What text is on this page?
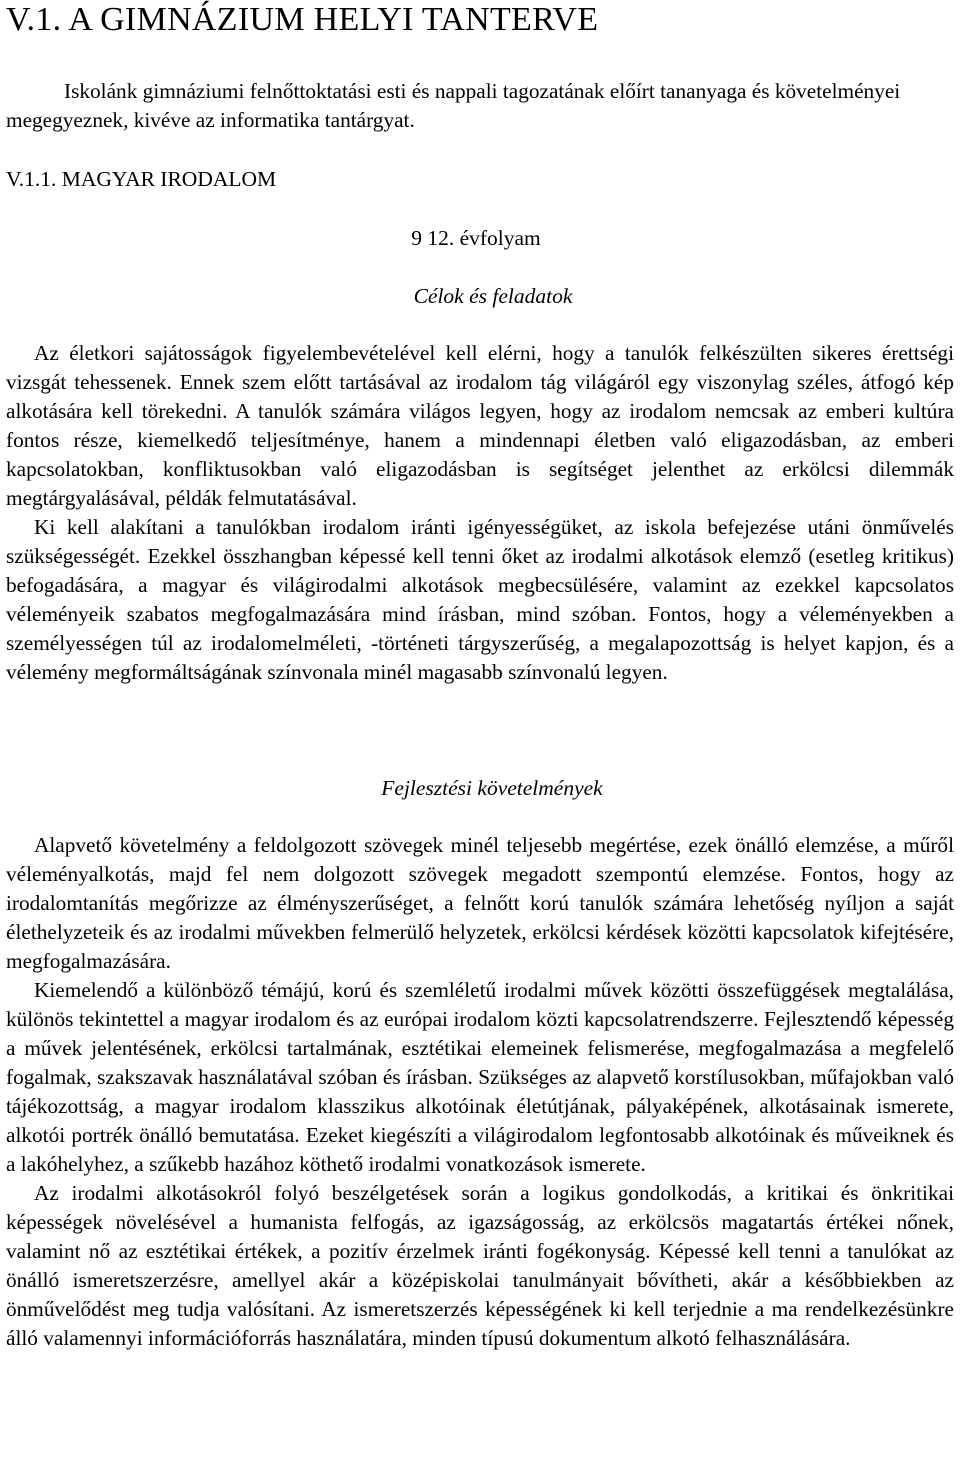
V.1. A GIMNÁZIUM HELYI TANTERVE

Iskolánk gimnáziumi felnőttoktatási esti és nappali tagozatának előírt tananyaga és követelményei megegyeznek, kivéve az informatika tantárgyat.

V.1.1. MAGYAR IRODALOM

9 12. évfolyam

Célok és feladatok

Az életkori sajátosságok figyelembevételével kell elérni, hogy a tanulók felkészülten sikeres érettségi vizsgát tehessenek. Ennek szem előtt tartásával az irodalom tág világáról egy viszonylag széles, átfogó kép alkotására kell törekedni. A tanulók számára világos legyen, hogy az irodalom nemcsak az emberi kultúra fontos része, kiemelkedő teljesítménye, hanem a mindennapi életben való eligazodásban, az emberi kapcsolatokban, konfliktusokban való eligazodásban is segítséget jelenthet az erkölcsi dilemmák megtárgyalásával, példák felmutatásával.

Ki kell alakítani a tanulókban irodalom iránti igényességüket, az iskola befejezése utáni önművelés szükségességét. Ezekkel összhangban képessé kell tenni őket az irodalmi alkotások elemző (esetleg kritikus) befogadására, a magyar és világirodalmi alkotások megbecsülésére, valamint az ezekkel kapcsolatos véleményeik szabatos megfogalmazására mind írásban, mind szóban. Fontos, hogy a véleményekben a személyességen túl az irodalomelméleti, -történeti tárgyszerűség, a megalapozottság is helyet kapjon, és a vélemény megformáltságának színvonala minél magasabb színvonalú legyen.

Fejlesztési követelmények

Alapvető követelmény a feldolgozott szövegek minél teljesebb megértése, ezek önálló elemzése, a műről véleményalkotás, majd fel nem dolgozott szövegek megadott szempontú elemzése. Fontos, hogy az irodalomtanítás megőrizze az élményszerűséget, a felnőtt korú tanulók számára lehetőség nyíljon a saját élethelyzeteik és az irodalmi művekben felmerülő helyzetek, erkölcsi kérdések közötti kapcsolatok kifejtésére, megfogalmazására.

Kiemelendő a különböző témájú, korú és szemléletű irodalmi művek közötti összefüggések megtalálása, különös tekintettel a magyar irodalom és az európai irodalom közti kapcsolatrendszerre. Fejlesztendő képesség a művek jelentésének, erkölcsi tartalmának, esztétikai elemeinek felismerése, megfogalmazása a megfelelő fogalmak, szakszavak használatával szóban és írásban. Szükséges az alapvető korstílusokban, műfajokban való tájékozottság, a magyar irodalom klasszikus alkotóinak életútjának, pályaképének, alkotásainak ismerete, alkotói portrék önálló bemutatása. Ezeket kiegészíti a világirodalom legfontosabb alkotóinak és műveiknek és a lakóhelyhez, a szűkebb hazához köthető irodalmi vonatkozások ismerete.

Az irodalmi alkotásokról folyó beszélgetések során a logikus gondolkodás, a kritikai és önkritikai képességek növelésével a humanista felfogás, az igazságosság, az erkölcsös magatartás értékei nőnek, valamint nő az esztétikai értékek, a pozitív érzelmek iránti fogékonyság. Képessé kell tenni a tanulókat az önálló ismeretszerzésre, amellyel akár a középiskolai tanulmányait bővítheti, akár a későbbiekben az önművelődést meg tudja valósítani. Az ismeretszerzés képességének ki kell terjednie a ma rendelkezésünkre álló valamennyi információforrás használatára, minden típusú dokumentum alkotó felhasználására.
